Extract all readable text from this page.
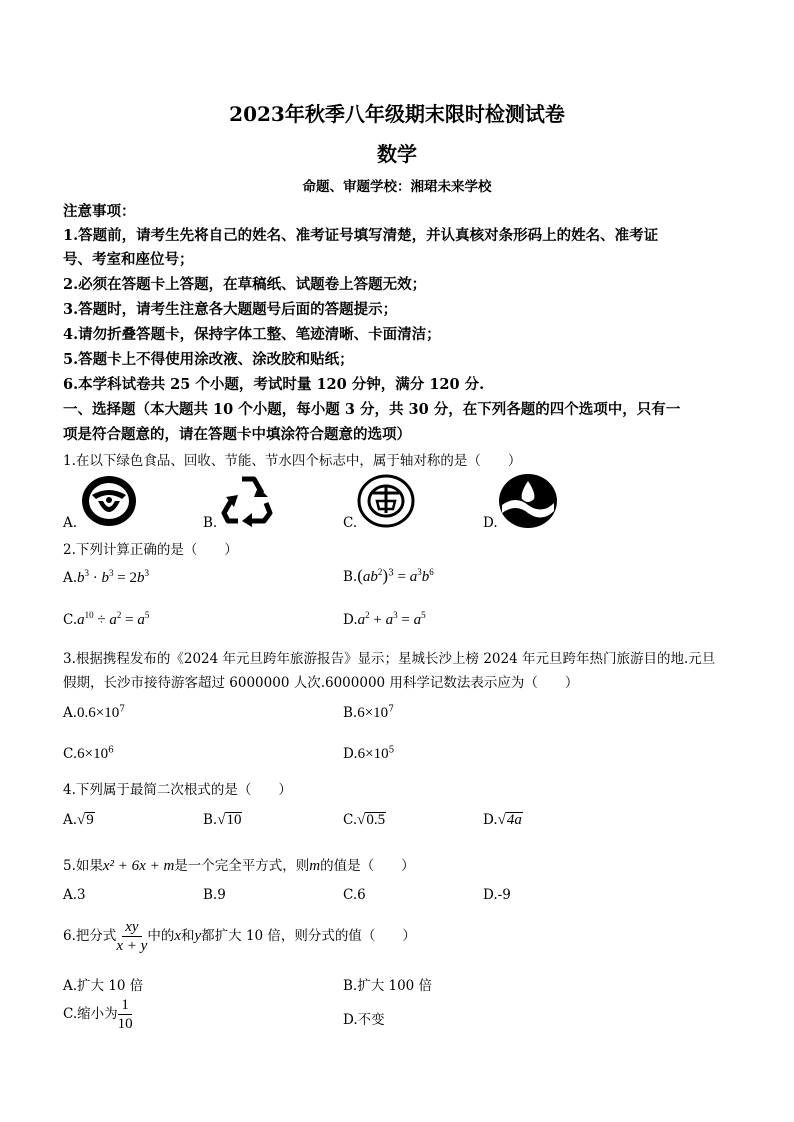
2023年秋季八年级期末限时检测试卷
数学
命题、审题学校：湘珺未来学校
注意事项：
1.答题前，请考生先将自己的姓名、准考证号填写清楚，并认真核对条形码上的姓名、准考证
号、考室和座位号；
2.必须在答题卡上答题，在草稿纸、试题卷上答题无效；
3.答题时，请考生注意各大题题号后面的答题提示；
4.请勿折叠答题卡，保持字体工整、笔迹清晰、卡面清洁；
5.答题卡上不得使用涂改液、涂改胶和贴纸；
6.本学科试卷共 25 个小题，考试时量 120 分钟，满分 120 分.
一、选择题（本大题共 10 个小题，每小题 3 分，共 30 分，在下列各题的四个选项中，只有一
项是符合题意的，请在答题卡中填涂符合题意的选项）
1.在以下绿色食品、回收、节能、节水四个标志中，属于轴对称的是（　　）
A.	B.	C.	D.
2.下列计算正确的是（　　）
$A.b^3 \cdot b^3 = 2b^3$	$B.(ab^2)^3 = a^3b^6$
$C.a^{10} \div a^2 = a^5$	$D.a^2 + a^3 = a^5$
3.根据携程发布的《2024 年元旦跨年旅游报告》显示；星城长沙上榜 2024 年元旦跨年热门旅游目的地.元旦
假期，长沙市接待游客超过 6000000 人次.6000000 用科学记数法表示应为（　　）
$A.0.6\times 10^7$	$B.6\times 10^7$
$C.6\times 10^6$	$D.6\times 10^5$
4.下列属于最简二次根式的是（　　）
A.√9	B.√10	C.√0.5	D.√4a
5.如果x² + 6x + m是一个完全平方式，则m的值是（　　）
A.3	B.9	C.6	D.-9
6.把分式 $\frac{xy}{x + y}$ 中的x和y都扩大 10 倍，则分式的值（　　）
A.扩大 10 倍	B.扩大 100 倍
C.缩小为 $\frac{1}{10}$	D.不变
